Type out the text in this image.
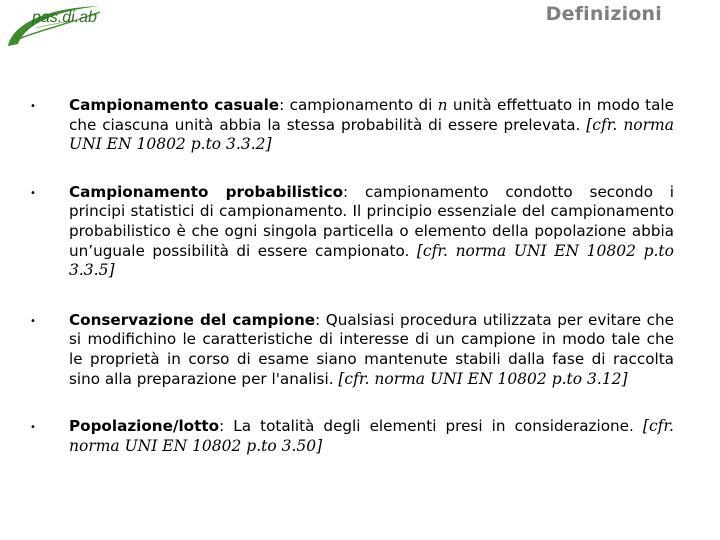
pas.di.ab	Definizioni
• Campionamento casuale: campionamento di n unità effettuato in modo tale che ciascuna unità abbia la stessa probabilità di essere prelevata. [cfr. norma UNI EN 10802 p.to 3.3.2]
• Campionamento probabilistico: campionamento condotto secondo i principi statistici di campionamento. Il principio essenziale del campionamento probabilistico è che ogni singola particella o elemento della popolazione abbia un’uguale possibilità di essere campionato. [cfr. norma UNI EN 10802 p.to 3.3.5]
• Conservazione del campione: Qualsiasi procedura utilizzata per evitare che si modifichino le caratteristiche di interesse di un campione in modo tale che le proprietà in corso di esame siano mantenute stabili dalla fase di raccolta sino alla preparazione per l'analisi. [cfr. norma UNI EN 10802 p.to 3.12]
• Popolazione/lotto: La totalità degli elementi presi in considerazione. [cfr. norma UNI EN 10802 p.to 3.50]
